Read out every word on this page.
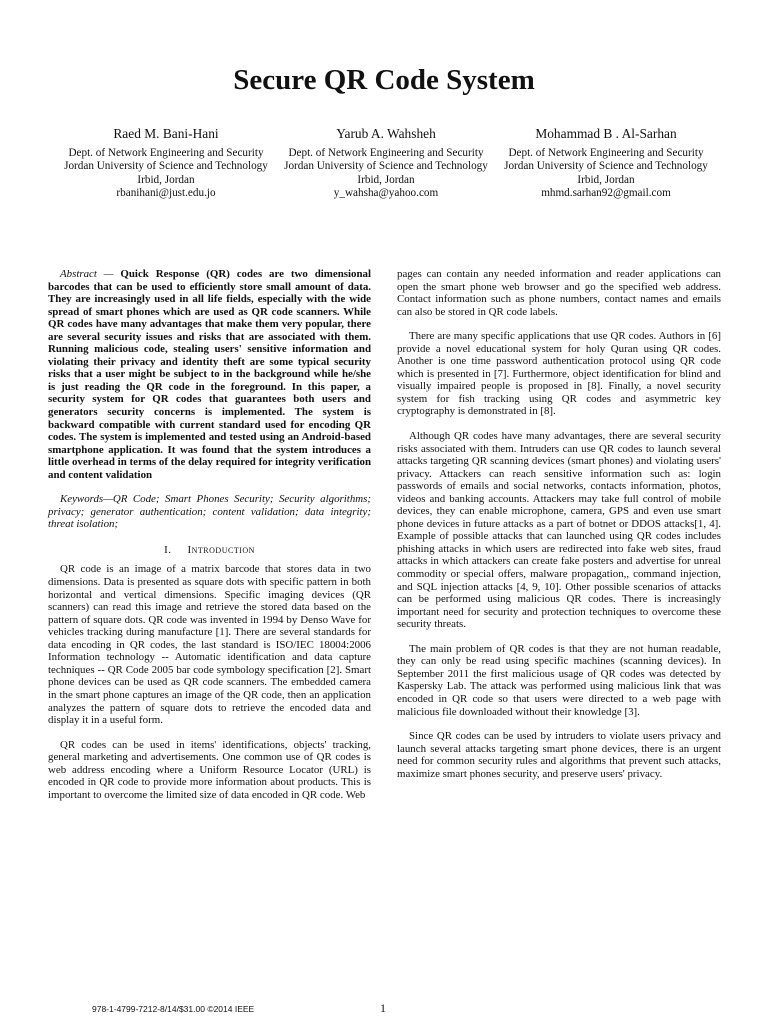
Secure QR Code System
Raed M. Bani-Hani
Dept. of Network Engineering and Security
Jordan University of Science and Technology
Irbid, Jordan
rbanihani@just.edu.jo
Yarub A. Wahsheh
Dept. of Network Engineering and Security
Jordan University of Science and Technology
Irbid, Jordan
y_wahsha@yahoo.com
Mohammad B . Al-Sarhan
Dept. of Network Engineering and Security
Jordan University of Science and Technology
Irbid, Jordan
mhmd.sarhan92@gmail.com
Abstract — Quick Response (QR) codes are two dimensional barcodes that can be used to efficiently store small amount of data. They are increasingly used in all life fields, especially with the wide spread of smart phones which are used as QR code scanners. While QR codes have many advantages that make them very popular, there are several security issues and risks that are associated with them. Running malicious code, stealing users' sensitive information and violating their privacy and identity theft are some typical security risks that a user might be subject to in the background while he/she is just reading the QR code in the foreground. In this paper, a security system for QR codes that guarantees both users and generators security concerns is implemented. The system is backward compatible with current standard used for encoding QR codes. The system is implemented and tested using an Android-based smartphone application. It was found that the system introduces a little overhead in terms of the delay required for integrity verification and content validation
Keywords—QR Code; Smart Phones Security; Security algorithms; privacy; generator authentication; content validation; data integrity; threat isolation;
I. Introduction

QR code is an image of a matrix barcode that stores data in two dimensions. Data is presented as square dots with specific pattern in both horizontal and vertical dimensions. Specific imaging devices (QR scanners) can read this image and retrieve the stored data based on the pattern of square dots. QR code was invented in 1994 by Denso Wave for vehicles tracking during manufacture [1]. There are several standards for data encoding in QR codes, the last standard is ISO/IEC 18004:2006 Information technology -- Automatic identification and data capture techniques -- QR Code 2005 bar code symbology specification [2]. Smart phone devices can be used as QR code scanners. The embedded camera in the smart phone captures an image of the QR code, then an application analyzes the pattern of square dots to retrieve the encoded data and display it in a useful form.

QR codes can be used in items' identifications, objects' tracking, general marketing and advertisements. One common use of QR codes is web address encoding where a Uniform Resource Locator (URL) is encoded in QR code to provide more information about products. This is important to overcome the limited size of data encoded in QR code. Web

pages can contain any needed information and reader applications can open the smart phone web browser and go the specified web address. Contact information such as phone numbers, contact names and emails can also be stored in QR code labels.

There are many specific applications that use QR codes. Authors in [6] provide a novel educational system for holy Quran using QR codes. Another is one time password authentication protocol using QR code which is presented in [7]. Furthermore, object identification for blind and visually impaired people is proposed in [8]. Finally, a novel security system for fish tracking using QR codes and asymmetric key cryptography is demonstrated in [8].

Although QR codes have many advantages, there are several security risks associated with them. Intruders can use QR codes to launch several attacks targeting QR scanning devices (smart phones) and violating users' privacy. Attackers can reach sensitive information such as: login passwords of emails and social networks, contacts information, photos, videos and banking accounts. Attackers may take full control of mobile devices, they can enable microphone, camera, GPS and even use smart phone devices in future attacks as a part of botnet or DDOS attacks[1, 4]. Example of possible attacks that can launched using QR codes includes phishing attacks in which users are redirected into fake web sites, fraud attacks in which attackers can create fake posters and advertise for unreal commodity or special offers, malware propagation,, command injection, and SQL injection attacks [4, 9, 10]. Other possible scenarios of attacks can be performed using malicious QR codes. There is increasingly important need for security and protection techniques to overcome these security threats.

The main problem of QR codes is that they are not human readable, they can only be read using specific machines (scanning devices). In September 2011 the first malicious usage of QR codes was detected by Kaspersky Lab. The attack was performed using malicious link that was encoded in QR code so that users were directed to a web page with malicious file downloaded without their knowledge [3].

Since QR codes can be used by intruders to violate users privacy and launch several attacks targeting smart phone devices, there is an urgent need for common security rules and algorithms that prevent such attacks, maximize smart phones security, and preserve users' privacy.

978-1-4799-7212-8/14/$31.00 ©2014 IEEE	1
